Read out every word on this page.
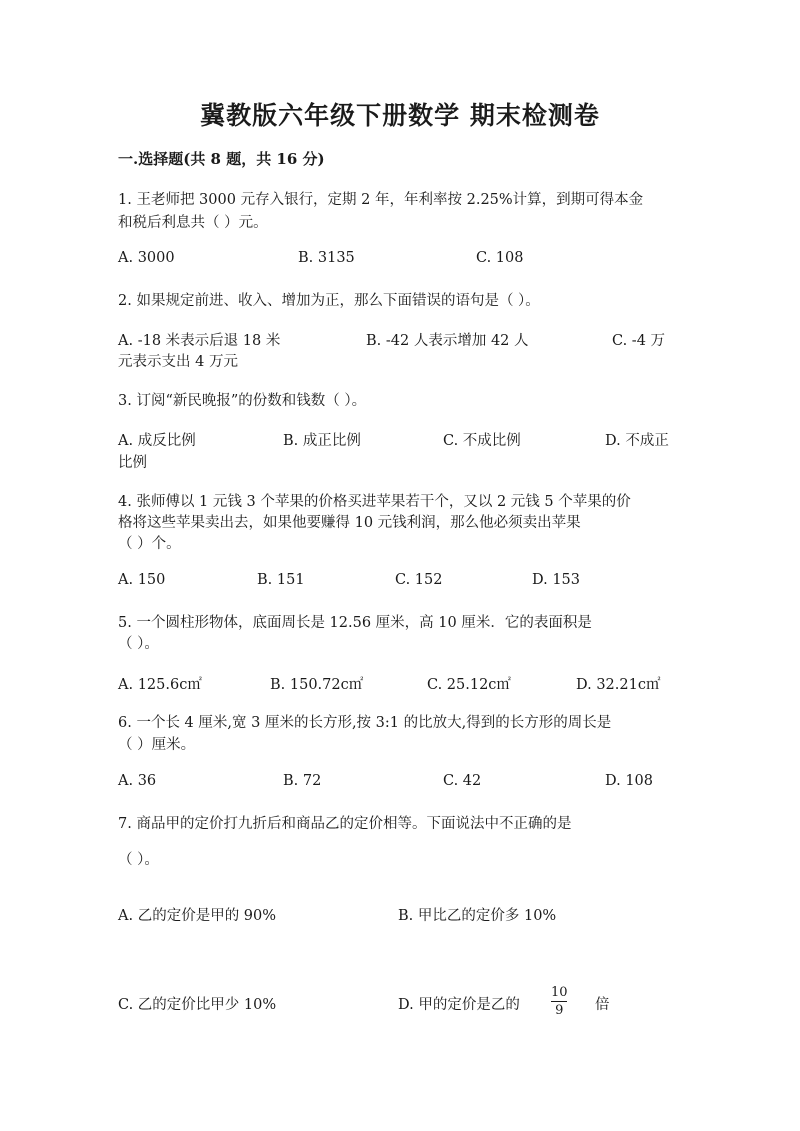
冀教版六年级下册数学 期末检测卷
一.选择题(共 8 题，共 16 分)
1. 王老师把 3000 元存入银行，定期 2 年，年利率按 2.25%计算，到期可得本金
和税后利息共（ ）元。
A. 3000	B. 3135	C. 108
2. 如果规定前进、收入、增加为正，那么下面错误的语句是（ ）。
A. -18 米表示后退 18 米	B. -42 人表示增加 42 人	C. -4 万
元表示支出 4 万元
3. 订阅“新民晚报”的份数和钱数（ ）。
A. 成反比例	B. 成正比例	C. 不成比例	D. 不成正
比例
4. 张师傅以 1 元钱 3 个苹果的价格买进苹果若干个，又以 2 元钱 5 个苹果的价
格将这些苹果卖出去，如果他要赚得 10 元钱利润，那么他必须卖出苹果
（ ）个。
A. 150	B. 151	C. 152	D. 153
5. 一个圆柱形物体，底面周长是 12.56 厘米，高 10 厘米．它的表面积是
（ ）。
A. 125.6c㎡	B. 150.72c㎡	C. 25.12c㎡	D. 32.21c㎡
6. 一个长 4 厘米,宽 3 厘米的长方形,按 3:1 的比放大,得到的长方形的周长是
（ ）厘米。
A. 36	B. 72	C. 42	D. 108
7. 商品甲的定价打九折后和商品乙的定价相等。下面说法中不正确的是
（ ）。
A. 乙的定价是甲的 90%	B. 甲比乙的定价多 10%
C. 乙的定价比甲少 10%	D. 甲的定价是乙的
10
9 倍
